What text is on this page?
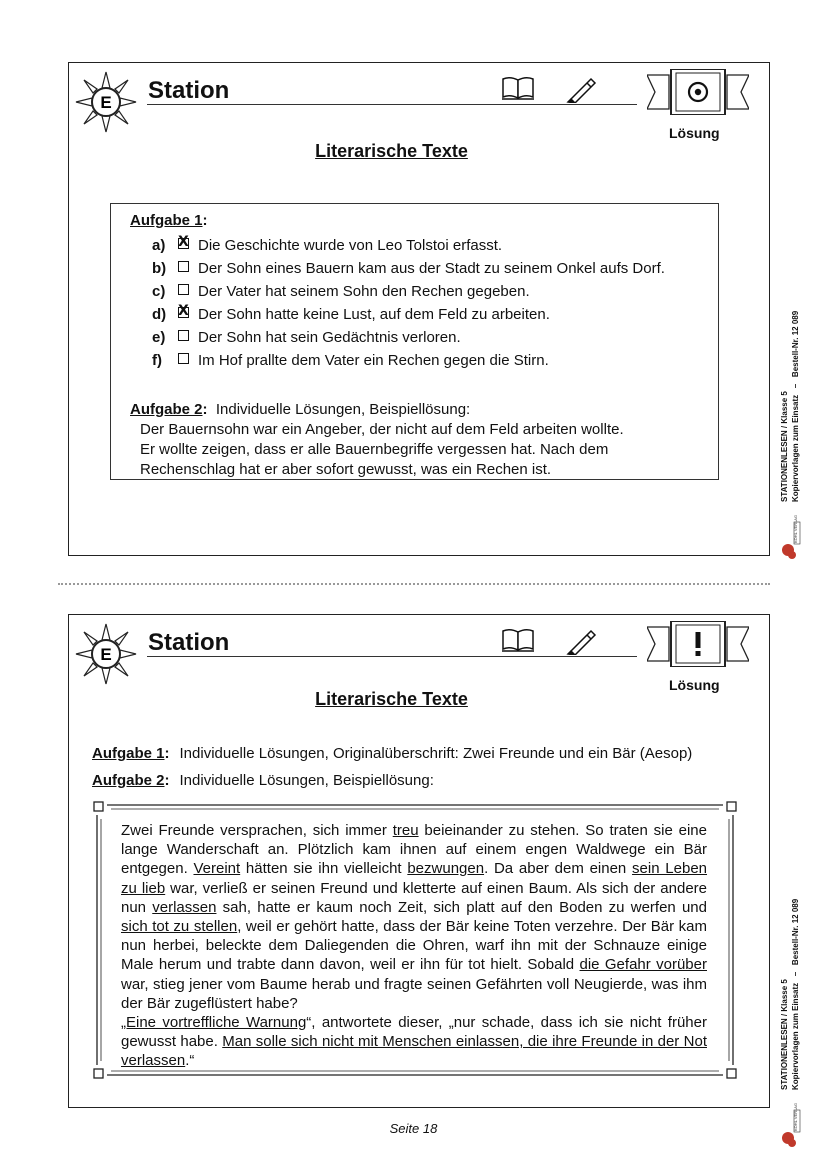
E Station
Lösung
Literarische Texte
Aufgabe 1:
a) X Die Geschichte wurde von Leo Tolstoi erfasst.
b) Der Sohn eines Bauern kam aus der Stadt zu seinem Onkel aufs Dorf.
c) Der Vater hat seinem Sohn den Rechen gegeben.
d) X Der Sohn hatte keine Lust, auf dem Feld zu arbeiten.
e) Der Sohn hat sein Gedächtnis verloren.
f) Im Hof prallte dem Vater ein Rechen gegen die Stirn.
Aufgabe 2: Individuelle Lösungen, Beispiellösung:
Der Bauernsohn war ein Angeber, der nicht auf dem Feld arbeiten wollte.
Er wollte zeigen, dass er alle Bauernbegriffe vergessen hat. Nach dem
Rechenschlag hat er aber sofort gewusst, was ein Rechen ist.
E Station
Lösung
Literarische Texte
Aufgabe 1: Individuelle Lösungen, Originalüberschrift: Zwei Freunde und ein Bär (Aesop)
Aufgabe 2: Individuelle Lösungen, Beispiellösung:
Zwei Freunde versprachen, sich immer treu beieinander zu stehen. So traten sie eine lange Wanderschaft an. Plötzlich kam ihnen auf einem engen Waldwege ein Bär entgegen. Vereint hätten sie ihn vielleicht bezwungen. Da aber dem einen sein Leben zu lieb war, verließ er seinen Freund und kletterte auf einen Baum. Als sich der andere nun verlassen sah, hatte er kaum noch Zeit, sich platt auf den Boden zu werfen und sich tot zu stellen, weil er gehört hatte, dass der Bär keine Toten verzehre. Der Bär kam nun herbei, beleckte dem Daliegenden die Ohren, warf ihn mit der Schnauze einige Male herum und trabte dann davon, weil er ihn für tot hielt. Sobald die Gefahr vorüber war, stieg jener vom Baume herab und fragte seinen Gefährten voll Neugierde, was ihm der Bär zugeflüstert habe?
„Eine vortreffliche Warnung“, antwortete dieser, „nur schade, dass ich sie nicht früher gewusst habe. Man solle sich nicht mit Menschen einlassen, die ihre Freunde in der Not verlassen.“
STATIONENLESEN / Klasse 5 Kopiervorlagen zum Einsatz   –   Bestell-Nr. 12 089
KOHL VERLAG
STATIONENLESEN / Klasse 5 Kopiervorlagen zum Einsatz   –   Bestell-Nr. 12 089
KOHL VERLAG
Seite 18
